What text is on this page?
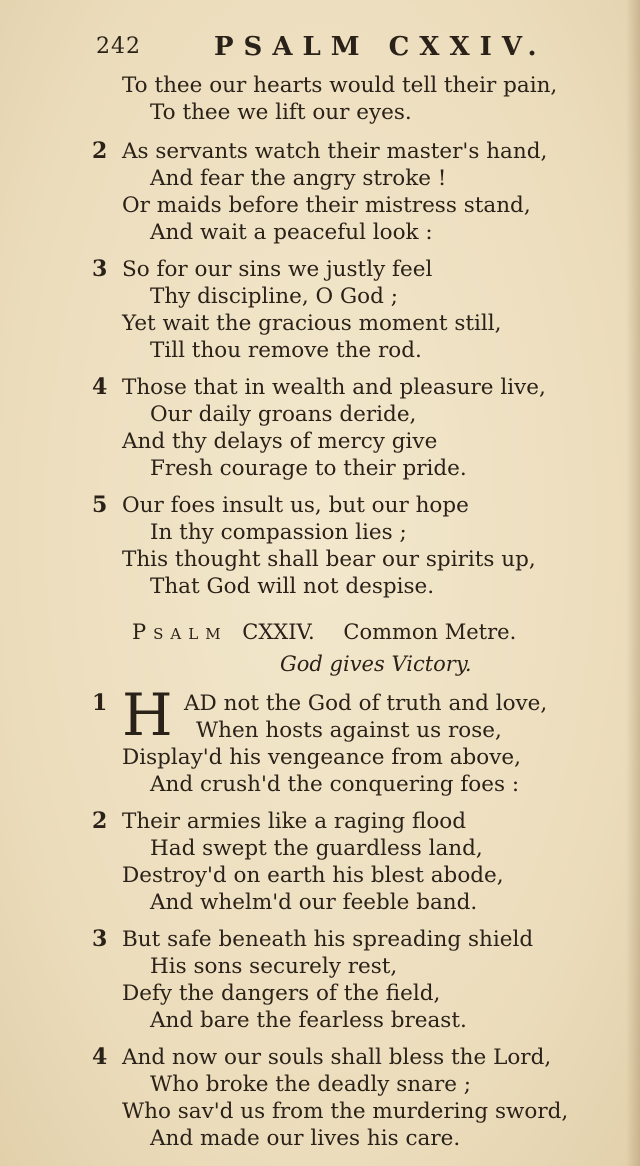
242	PSALM CXXIV.
To thee our hearts would tell their pain,
To thee we lift our eyes.
2 As servants watch their master's hand,
And fear the angry stroke !
Or maids before their mistress stand,
And wait a peaceful look :
3 So for our sins we justly feel
Thy discipline, O God ;
Yet wait the gracious moment still,
Till thou remove the rod.
4 Those that in wealth and pleasure live,
Our daily groans deride,
And thy delays of mercy give
Fresh courage to their pride.
5 Our foes insult us, but our hope
In thy compassion lies ;
This thought shall bear our spirits up,
That God will not despise.
Psalm CXXIV. Common Metre.
God gives Victory.
1 H AD not the God of truth and love,
When hosts against us rose,
Display'd his vengeance from above,
And crush'd the conquering foes :
2 Their armies like a raging flood
Had swept the guardless land,
Destroy'd on earth his blest abode,
And whelm'd our feeble band.
3 But safe beneath his spreading shield
His sons securely rest,
Defy the dangers of the field,
And bare the fearless breast.
4 And now our souls shall bless the Lord,
Who broke the deadly snare ;
Who sav'd us from the murdering sword,
And made our lives his care.
